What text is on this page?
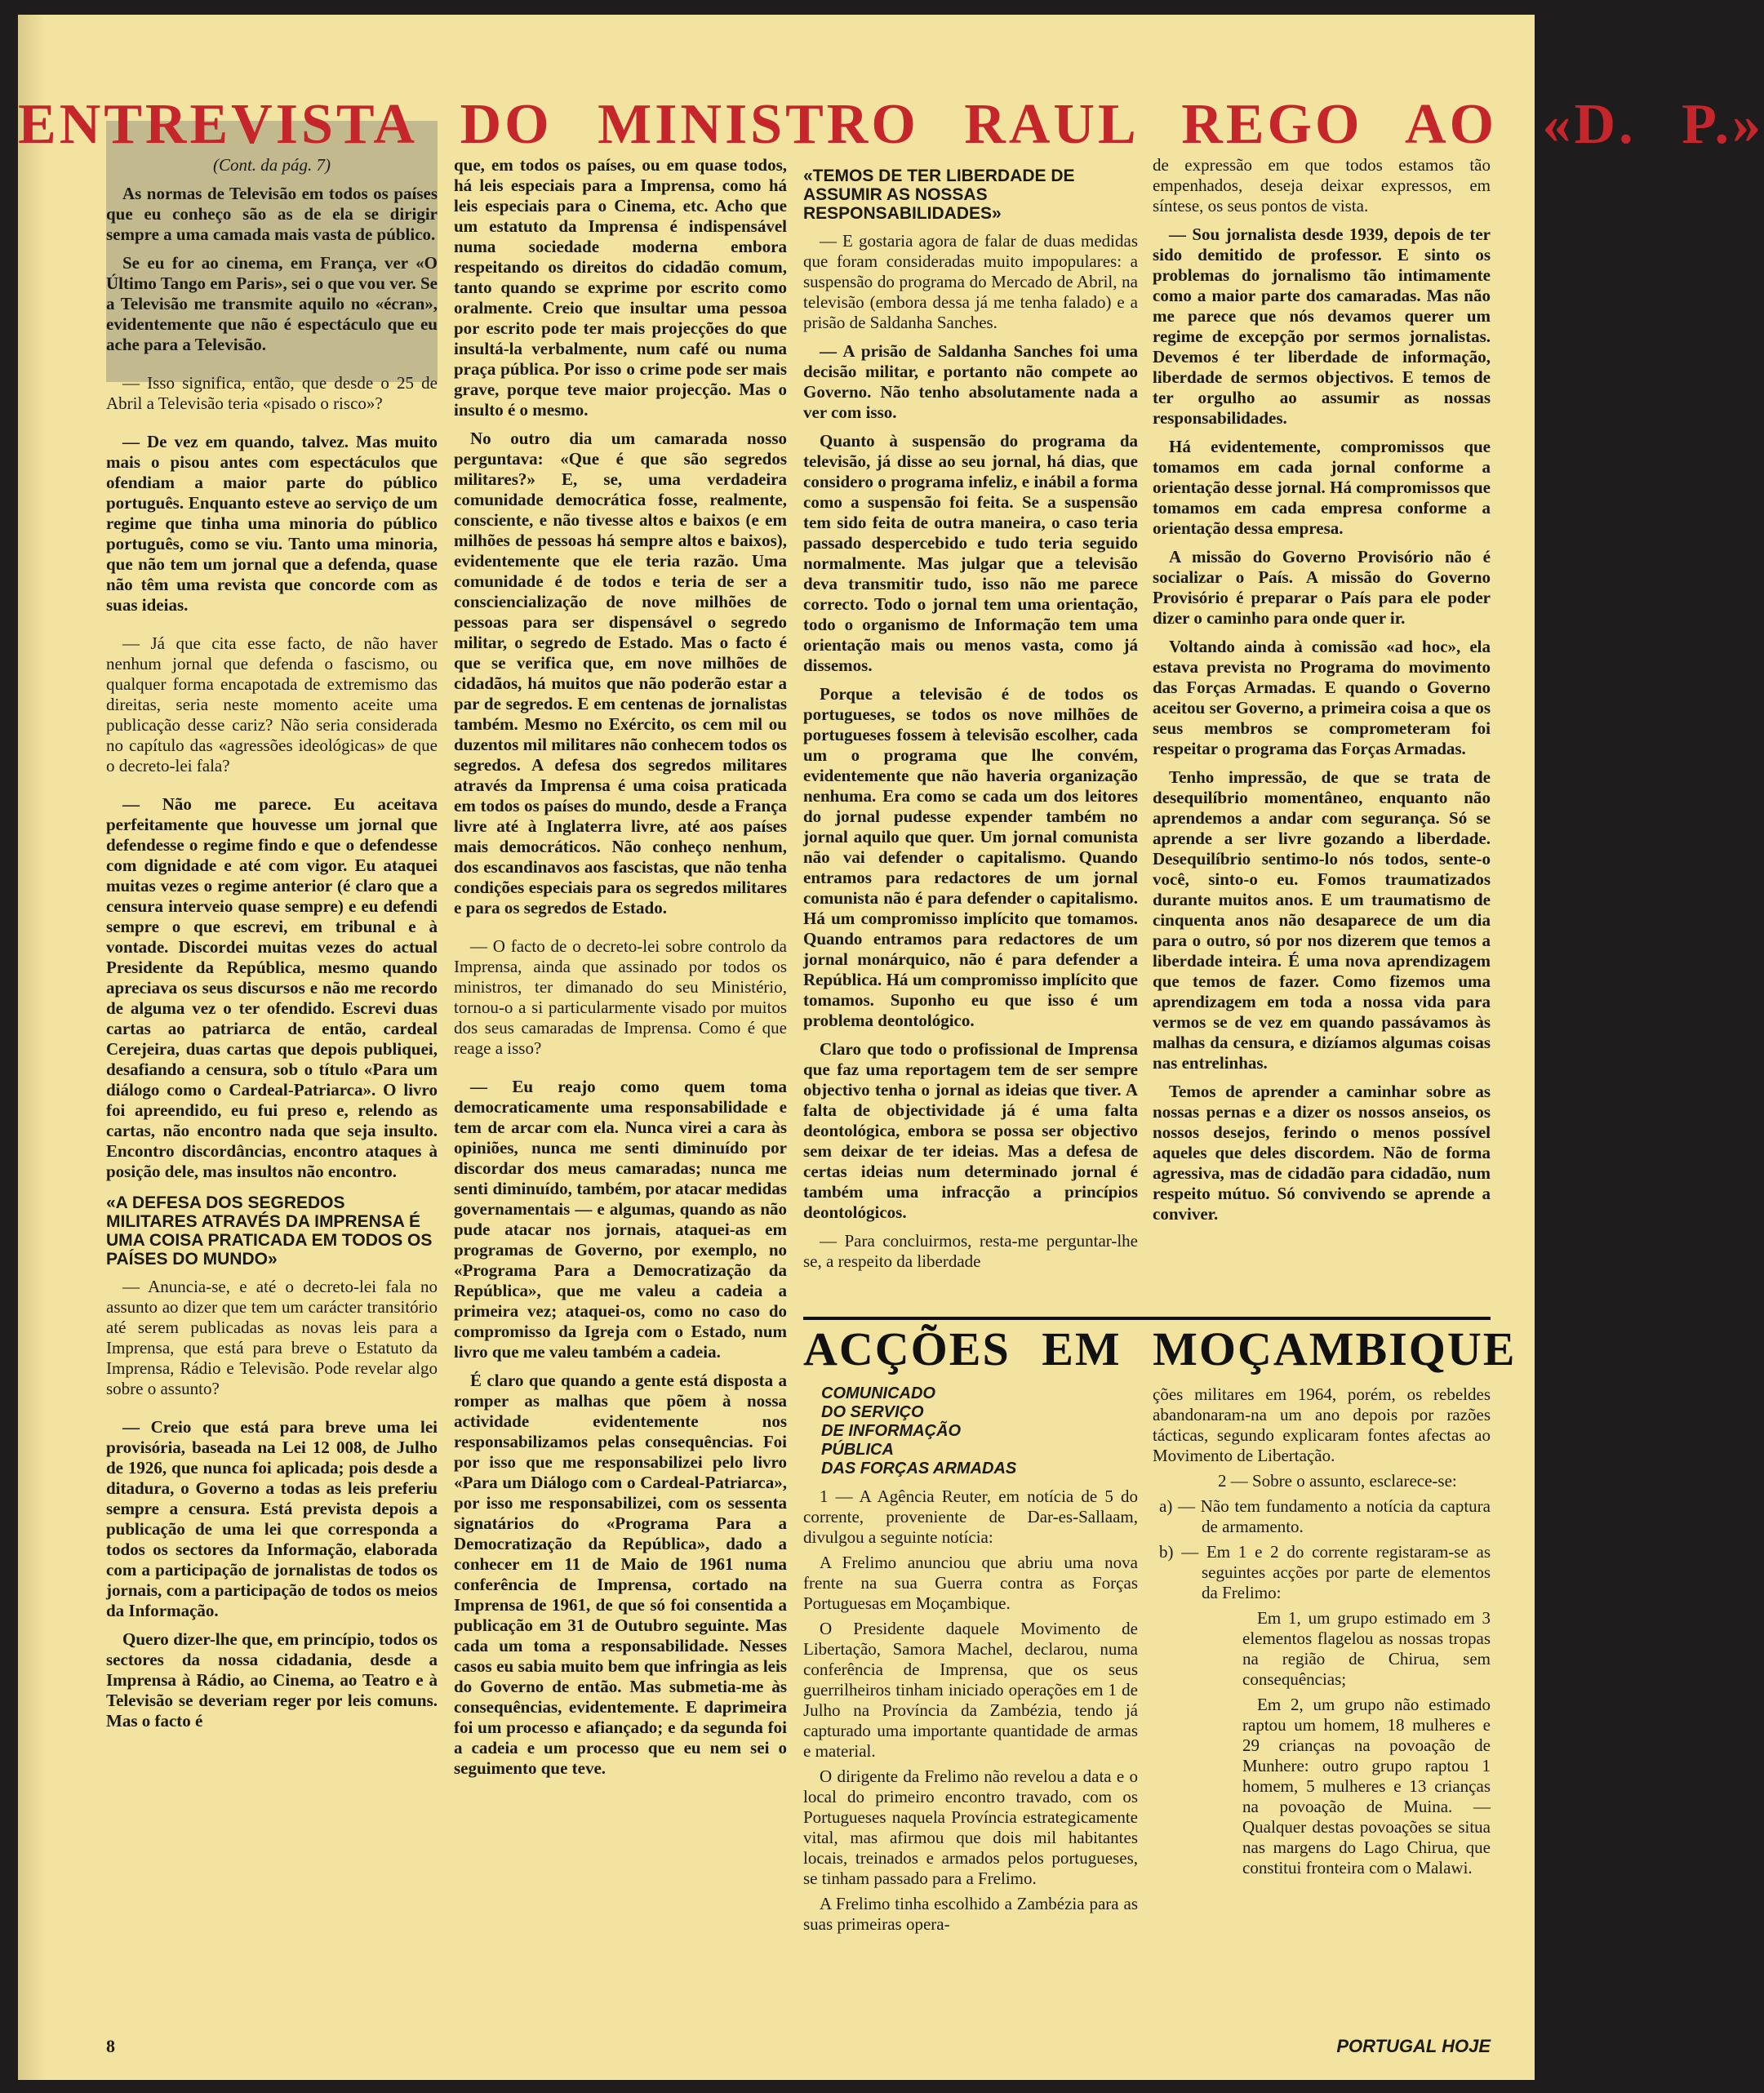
ENTREVISTA DO MINISTRO RAUL REGO AO «D. P.»

(Cont. da pág. 7)

As normas de Televisão em todos os países que eu conheço são as de ela se dirigir sempre a uma camada mais vasta de público.

Se eu for ao cinema, em França, ver «O Último Tango em Paris», sei o que vou ver. Se a Televisão me transmite aquilo no «écran», evidentemente que não é espectáculo que eu ache para a Televisão.

— Isso significa, então, que desde o 25 de Abril a Televisão teria «pisado o risco»?

— De vez em quando, talvez. Mas muito mais o pisou antes com espectáculos que ofendiam a maior parte do público português. Enquanto esteve ao serviço de um regime que tinha uma minoria do público português, como se viu. Tanto uma minoria, que não tem um jornal que a defenda, quase não têm uma revista que concorde com as suas ideias.

— Já que cita esse facto, de não haver nenhum jornal que defenda o fascismo, ou qualquer forma encapotada de extremismo das direitas, seria neste momento aceite uma publicação desse cariz? Não seria considerada no capítulo das «agressões ideológicas» de que o decreto-lei fala?

— Não me parece. Eu aceitava perfeitamente que houvesse um jornal que defendesse o regime findo e que o defendesse com dignidade e até com vigor. Eu ataquei muitas vezes o regime anterior (é claro que a censura interveio quase sempre) e eu defendi sempre o que escrevi, em tribunal e à vontade. Discordei muitas vezes do actual Presidente da República, mesmo quando apreciava os seus discursos e não me recordo de alguma vez o ter ofendido. Escrevi duas cartas ao patriarca de então, cardeal Cerejeira, duas cartas que depois publiquei, desafiando a censura, sob o título «Para um diálogo como o Cardeal-Patriarca». O livro foi apreendido, eu fui preso e, relendo as cartas, não encontro nada que seja insulto. Encontro discordâncias, encontro ataques à posição dele, mas insultos não encontro.

«A DEFESA DOS SEGREDOS MILITARES ATRAVÉS DA IMPRENSA É UMA COISA PRATICADA EM TODOS OS PAÍSES DO MUNDO»

— Anuncia-se, e até o decreto-lei fala no assunto ao dizer que tem um carácter transitório até serem publicadas as novas leis para a Imprensa, que está para breve o Estatuto da Imprensa, Rádio e Televisão. Pode revelar algo sobre o assunto?

— Creio que está para breve uma lei provisória, baseada na Lei 12 008, de Julho de 1926, que nunca foi aplicada; pois desde a ditadura, o Governo a todas as leis preferiu sempre a censura. Está prevista depois a publicação de uma lei que corresponda a todos os sectores da Informação, elaborada com a participação de jornalistas de todos os jornais, com a participação de todos os meios da Informação.

Quero dizer-lhe que, em princípio, todos os sectores da nossa cidadania, desde a Imprensa à Rádio, ao Cinema, ao Teatro e à Televisão se deveriam reger por leis comuns. Mas o facto é

que, em todos os países, ou em quase todos, há leis especiais para a Imprensa, como há leis especiais para o Cinema, etc. Acho que um estatuto da Imprensa é indispensável numa sociedade moderna embora respeitando os direitos do cidadão comum, tanto quando se exprime por escrito como oralmente. Creio que insultar uma pessoa por escrito pode ter mais projecções do que insultá-la verbalmente, num café ou numa praça pública. Por isso o crime pode ser mais grave, porque teve maior projecção. Mas o insulto é o mesmo.

No outro dia um camarada nosso perguntava: «Que é que são segredos militares?» E, se, uma verdadeira comunidade democrática fosse, realmente, consciente, e não tivesse altos e baixos (e em milhões de pessoas há sempre altos e baixos), evidentemente que ele teria razão. Uma comunidade é de todos e teria de ser a consciencialização de nove milhões de pessoas para ser dispensável o segredo militar, o segredo de Estado. Mas o facto é que se verifica que, em nove milhões de cidadãos, há muitos que não poderão estar a par de segredos. E em centenas de jornalistas também. Mesmo no Exército, os cem mil ou duzentos mil militares não conhecem todos os segredos. A defesa dos segredos militares através da Imprensa é uma coisa praticada em todos os países do mundo, desde a França livre até à Inglaterra livre, até aos países mais democráticos. Não conheço nenhum, dos escandinavos aos fascistas, que não tenha condições especiais para os segredos militares e para os segredos de Estado.

— O facto de o decreto-lei sobre controlo da Imprensa, ainda que assinado por todos os ministros, ter dimanado do seu Ministério, tornou-o a si particularmente visado por muitos dos seus camaradas de Imprensa. Como é que reage a isso?

— Eu reajo como quem toma democraticamente uma responsabilidade e tem de arcar com ela. Nunca virei a cara às opiniões, nunca me senti diminuído por discordar dos meus camaradas; nunca me senti diminuído, também, por atacar medidas governamentais — e algumas, quando as não pude atacar nos jornais, ataquei-as em programas de Governo, por exemplo, no «Programa Para a Democratização da República», que me valeu a cadeia a primeira vez; ataquei-os, como no caso do compromisso da Igreja com o Estado, num livro que me valeu também a cadeia.

É claro que quando a gente está disposta a romper as malhas que põem à nossa actividade evidentemente nos responsabilizamos pelas consequências. Foi por isso que me responsabilizei pelo livro «Para um Diálogo com o Cardeal-Patriarca», por isso me responsabilizei, com os sessenta signatários do «Programa Para a Democratização da República», dado a conhecer em 11 de Maio de 1961 numa conferência de Imprensa, cortado na Imprensa de 1961, de que só foi consentida a publicação em 31 de Outubro seguinte. Mas cada um toma a responsabilidade. Nesses casos eu sabia muito bem que infringia as leis do Governo de então. Mas submetia-me às consequências, evidentemente. E daprimeira foi um processo e afiançado; e da segunda foi a cadeia e um processo que eu nem sei o seguimento que teve.

«TEMOS DE TER LIBERDADE DE ASSUMIR AS NOSSAS RESPONSABILIDADES»

— E gostaria agora de falar de duas medidas que foram consideradas muito impopulares: a suspensão do programa do Mercado de Abril, na televisão (embora dessa já me tenha falado) e a prisão de Saldanha Sanches.

— A prisão de Saldanha Sanches foi uma decisão militar, e portanto não compete ao Governo. Não tenho absolutamente nada a ver com isso.

Quanto à suspensão do programa da televisão, já disse ao seu jornal, há dias, que considero o programa infeliz, e inábil a forma como a suspensão foi feita. Se a suspensão tem sido feita de outra maneira, o caso teria passado despercebido e tudo teria seguido normalmente. Mas julgar que a televisão deva transmitir tudo, isso não me parece correcto. Todo o jornal tem uma orientação, todo o organismo de Informação tem uma orientação mais ou menos vasta, como já dissemos.

Porque a televisão é de todos os portugueses, se todos os nove milhões de portugueses fossem à televisão escolher, cada um o programa que lhe convém, evidentemente que não haveria organização nenhuma. Era como se cada um dos leitores do jornal pudesse expender também no jornal aquilo que quer. Um jornal comunista não vai defender o capitalismo. Quando entramos para redactores de um jornal comunista não é para defender o capitalismo. Há um compromisso implícito que tomamos. Quando entramos para redactores de um jornal monárquico, não é para defender a República. Há um compromisso implícito que tomamos. Suponho eu que isso é um problema deontológico.

Claro que todo o profissional de Imprensa que faz uma reportagem tem de ser sempre objectivo tenha o jornal as ideias que tiver. A falta de objectividade já é uma falta deontológica, embora se possa ser objectivo sem deixar de ter ideias. Mas a defesa de certas ideias num determinado jornal é também uma infracção a princípios deontológicos.

— Para concluirmos, resta-me perguntar-lhe se, a respeito da liberdade

de expressão em que todos estamos tão empenhados, deseja deixar expressos, em síntese, os seus pontos de vista.

— Sou jornalista desde 1939, depois de ter sido demitido de professor. E sinto os problemas do jornalismo tão intimamente como a maior parte dos camaradas. Mas não me parece que nós devamos querer um regime de excepção por sermos jornalistas. Devemos é ter liberdade de informação, liberdade de sermos objectivos. E temos de ter orgulho ao assumir as nossas responsabilidades.

Há evidentemente, compromissos que tomamos em cada jornal conforme a orientação desse jornal. Há compromissos que tomamos em cada empresa conforme a orientação dessa empresa.

A missão do Governo Provisório não é socializar o País. A missão do Governo Provisório é preparar o País para ele poder dizer o caminho para onde quer ir.

Voltando ainda à comissão «ad hoc», ela estava prevista no Programa do movimento das Forças Armadas. E quando o Governo aceitou ser Governo, a primeira coisa a que os seus membros se comprometeram foi respeitar o programa das Forças Armadas.

Tenho impressão, de que se trata de desequilíbrio momentâneo, enquanto não aprendemos a andar com segurança. Só se aprende a ser livre gozando a liberdade. Desequilíbrio sentimo-lo nós todos, sente-o você, sinto-o eu. Fomos traumatizados durante muitos anos. E um traumatismo de cinquenta anos não desaparece de um dia para o outro, só por nos dizerem que temos a liberdade inteira. É uma nova aprendizagem que temos de fazer. Como fizemos uma aprendizagem em toda a nossa vida para vermos se de vez em quando passávamos às malhas da censura, e dizíamos algumas coisas nas entrelinhas.

Temos de aprender a caminhar sobre as nossas pernas e a dizer os nossos anseios, os nossos desejos, ferindo o menos possível aqueles que deles discordem. Não de forma agressiva, mas de cidadão para cidadão, num respeito mútuo. Só convivendo se aprende a conviver.

ACÇÕES EM MOÇAMBIQUE
COMUNICADO
DO SERVIÇO
DE INFORMAÇÃO
PÚBLICA
DAS FORÇAS ARMADAS

1 — A Agência Reuter, em notícia de 5 do corrente, proveniente de Dar-es-Sallaam, divulgou a seguinte notícia:

A Frelimo anunciou que abriu uma nova frente na sua Guerra contra as Forças Portuguesas em Moçambique.

O Presidente daquele Movimento de Libertação, Samora Machel, declarou, numa conferência de Imprensa, que os seus guerrilheiros tinham iniciado operações em 1 de Julho na Província da Zambézia, tendo já capturado uma importante quantidade de armas e material.

O dirigente da Frelimo não revelou a data e o local do primeiro encontro travado, com os Portugueses naquela Província estrategicamente vital, mas afirmou que dois mil habitantes locais, treinados e armados pelos portugueses, se tinham passado para a Frelimo.

A Frelimo tinha escolhido a Zambézia para as suas primeiras opera-

ções militares em 1964, porém, os rebeldes abandonaram-na um ano depois por razões tácticas, segundo explicaram fontes afectas ao Movimento de Libertação.

2 — Sobre o assunto, esclarece-se:

a) — Não tem fundamento a notícia da captura de armamento.

b) — Em 1 e 2 do corrente registaram-se as seguintes acções por parte de elementos da Frelimo:

Em 1, um grupo estimado em 3 elementos flagelou as nossas tropas na região de Chirua, sem consequências;

Em 2, um grupo não estimado raptou um homem, 18 mulheres e 29 crianças na povoação de Munhere: outro grupo raptou 1 homem, 5 mulheres e 13 crianças na povoação de Muina. — Qualquer destas povoações se situa nas margens do Lago Chirua, que constitui fronteira com o Malawi.

8	PORTUGAL HOJE
